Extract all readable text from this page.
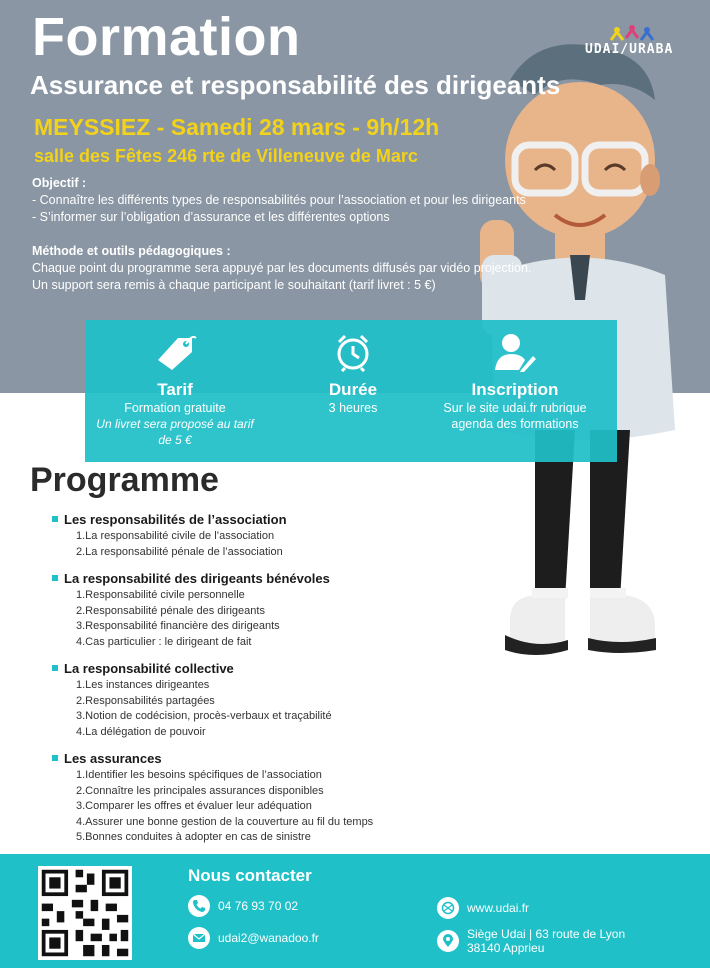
Formation
Assurance et responsabilité des dirigeants
MEYSSIEZ - Samedi 28 mars - 9h/12h
salle des Fêtes 246 rte de Villeneuve de Marc
UDAI/URABA
Objectif :
- Connaître les différents types de responsabilités pour l’association et pour les dirigeants
- S’informer sur l’obligation d’assurance et les différentes options
Méthode et outils pédagogiques :
Chaque point du programme sera appuyé par les documents diffusés par vidéo projection.
Un support sera remis à chaque participant le souhaitant (tarif livret : 5 €)
Tarif
Formation gratuite
Un livret sera proposé au tarif de 5 €
Durée
3 heures
Inscription
Sur le site udai.fr rubrique agenda des formations
Programme
Les responsabilités de l’association
1.La responsabilité civile de l’association
2.La responsabilité pénale de l’association
La responsabilité des dirigeants bénévoles
1.Responsabilité civile personnelle
2.Responsabilité pénale des dirigeants
3.Responsabilité financière des dirigeants
4.Cas particulier : le dirigeant de fait
La responsabilité collective
1.Les instances dirigeantes
2.Responsabilités partagées
3.Notion de codécision, procès-verbaux et traçabilité
4.La délégation de pouvoir
Les assurances
1.Identifier les besoins spécifiques de l’association
2.Connaître les principales assurances disponibles
3.Comparer les offres et évaluer leur adéquation
4.Assurer une bonne gestion de la couverture au fil du temps
5.Bonnes conduites à adopter en cas de sinistre
Nous contacter
04 76 93 70 02
udai2@wanadoo.fr
www.udai.fr
Siège Udai | 63 route de Lyon
38140 Apprieu
